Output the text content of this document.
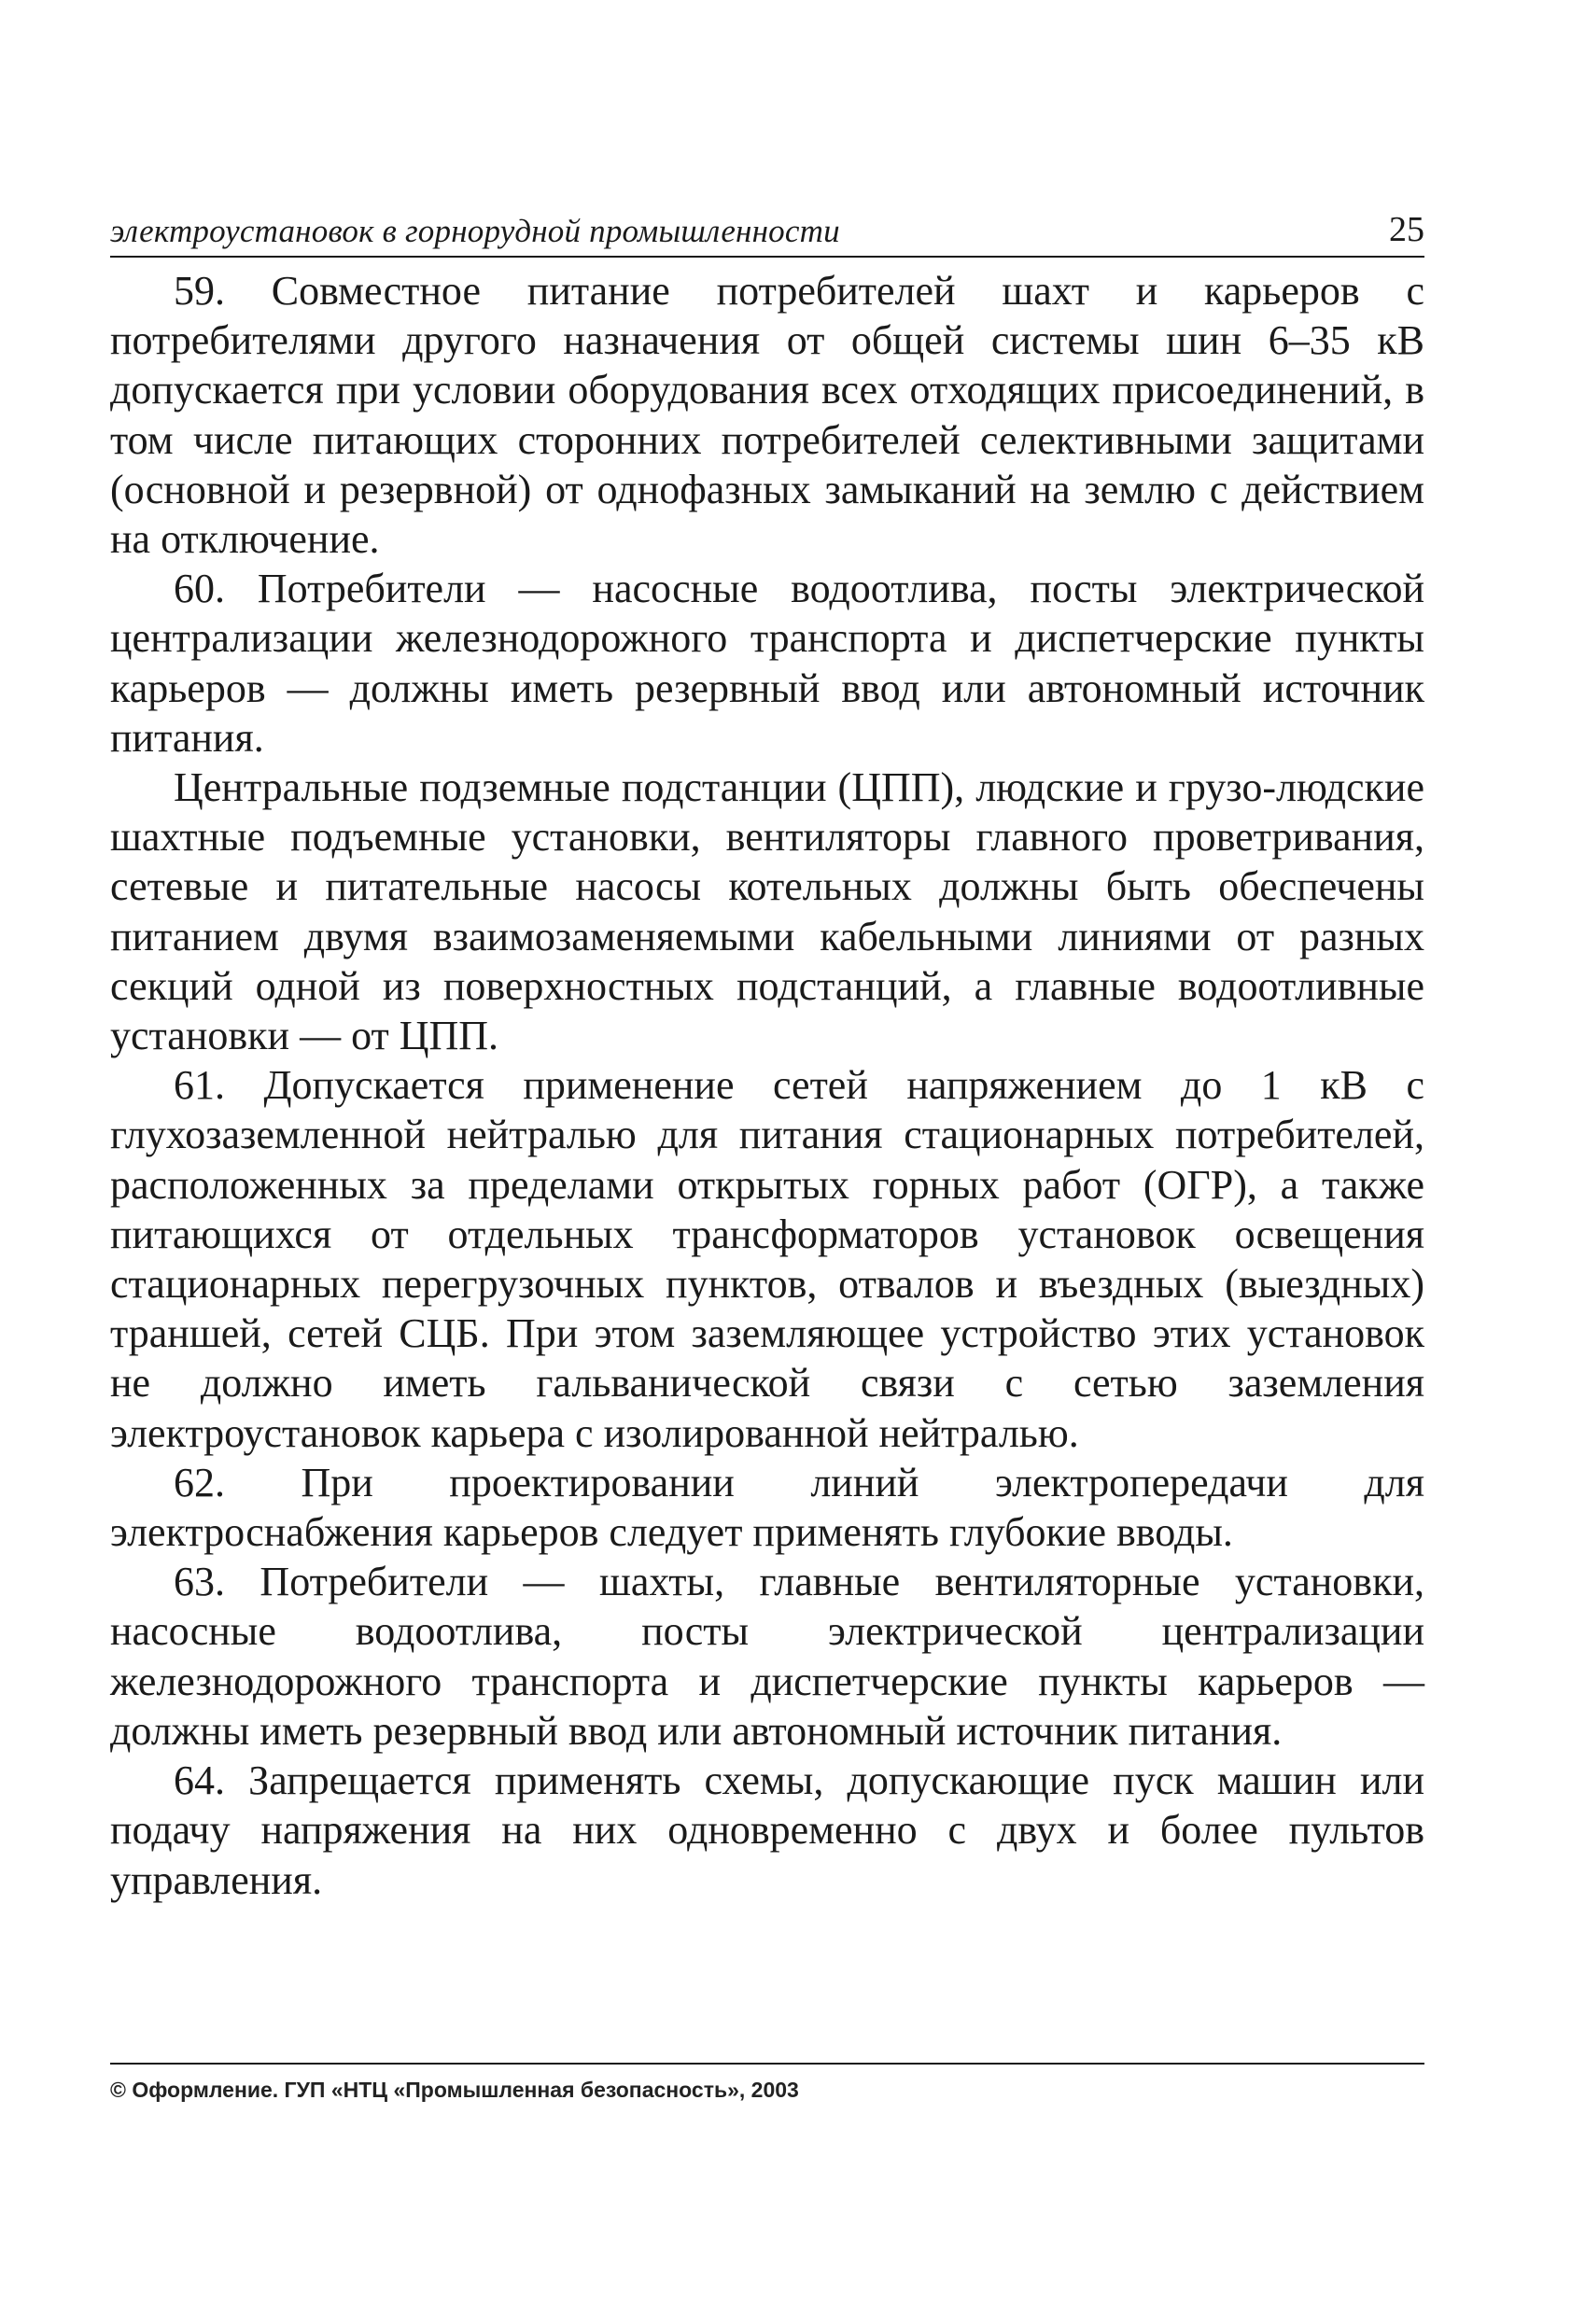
электроустановок в горнорудной промышленности	25

59. Совместное питание потребителей шахт и карьеров с потребителями другого назначения от общей системы шин 6–35 кВ допускается при условии оборудования всех отходящих присоединений, в том числе питающих сторонних потребителей селективными защитами (основной и резервной) от однофазных замыканий на землю с действием на отключение.

60. Потребители — насосные водоотлива, посты электрической централизации железнодорожного транспорта и диспетчерские пункты карьеров — должны иметь резервный ввод или автономный источник питания.

Центральные подземные подстанции (ЦПП), людские и грузо-людские шахтные подъемные установки, вентиляторы главного проветривания, сетевые и питательные насосы котельных должны быть обеспечены питанием двумя взаимозаменяемыми кабельными линиями от разных секций одной из поверхностных подстанций, а главные водоотливные установки — от ЦПП.

61. Допускается применение сетей напряжением до 1 кВ с глухозаземленной нейтралью для питания стационарных потребителей, расположенных за пределами открытых горных работ (ОГР), а также питающихся от отдельных трансформаторов установок освещения стационарных перегрузочных пунктов, отвалов и въездных (выездных) траншей, сетей СЦБ. При этом заземляющее устройство этих установок не должно иметь гальванической связи с сетью заземления электроустановок карьера с изолированной нейтралью.

62. При проектировании линий электропередачи для электроснабжения карьеров следует применять глубокие вводы.

63. Потребители — шахты, главные вентиляторные установки, насосные водоотлива, посты электрической централизации железнодорожного транспорта и диспетчерские пункты карьеров — должны иметь резервный ввод или автономный источник питания.

64. Запрещается применять схемы, допускающие пуск машин или подачу напряжения на них одновременно с двух и более пультов управления.

© Оформление. ГУП «НТЦ «Промышленная безопасность», 2003
